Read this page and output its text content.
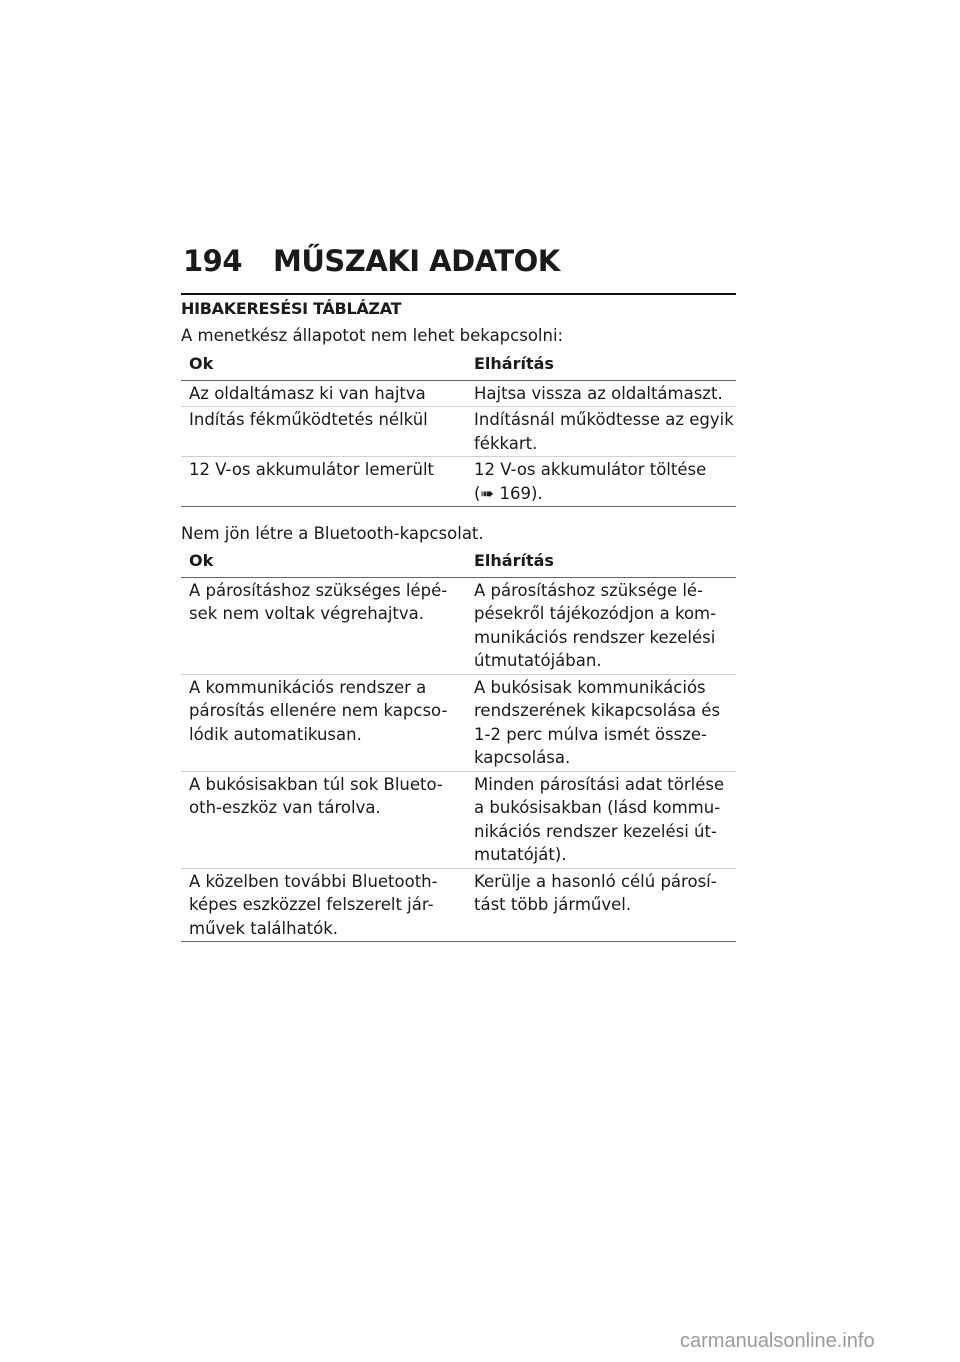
194 MŰSZAKI ADATOK
HIBAKERESÉSI TÁBLÁZAT
A menetkész állapotot nem lehet bekapcsolni:
Ok	Elhárítás
Az oldaltámasz ki van hajtva	Hajtsa vissza az oldaltámaszt.
Indítás fékműködtetés nélkül	Indításnál működtesse az egyik
fékkart.
12 V-os akkumulátor lemerült	12 V-os akkumulátor töltése
(➠ 169).
Nem jön létre a Bluetooth-kapcsolat.
Ok	Elhárítás
A párosításhoz szükséges lépé-
sek nem voltak végrehajtva.	A párosításhoz szüksége lé-
pésekről tájékozódjon a kom-
munikációs rendszer kezelési
útmutatójában.
A kommunikációs rendszer a
párosítás ellenére nem kapcso-
lódik automatikusan.	A bukósisak kommunikációs
rendszerének kikapcsolása és
1-2 perc múlva ismét össze-
kapcsolása.
A bukósisakban túl sok Blueto-
oth-eszköz van tárolva.	Minden párosítási adat törlése
a bukósisakban (lásd kommu-
nikációs rendszer kezelési út-
mutatóját).
A közelben további Bluetooth-
képes eszközzel felszerelt jár-
művek találhatók.	Kerülje a hasonló célú párosí-
tást több járművel.
carmanualsonline.info
